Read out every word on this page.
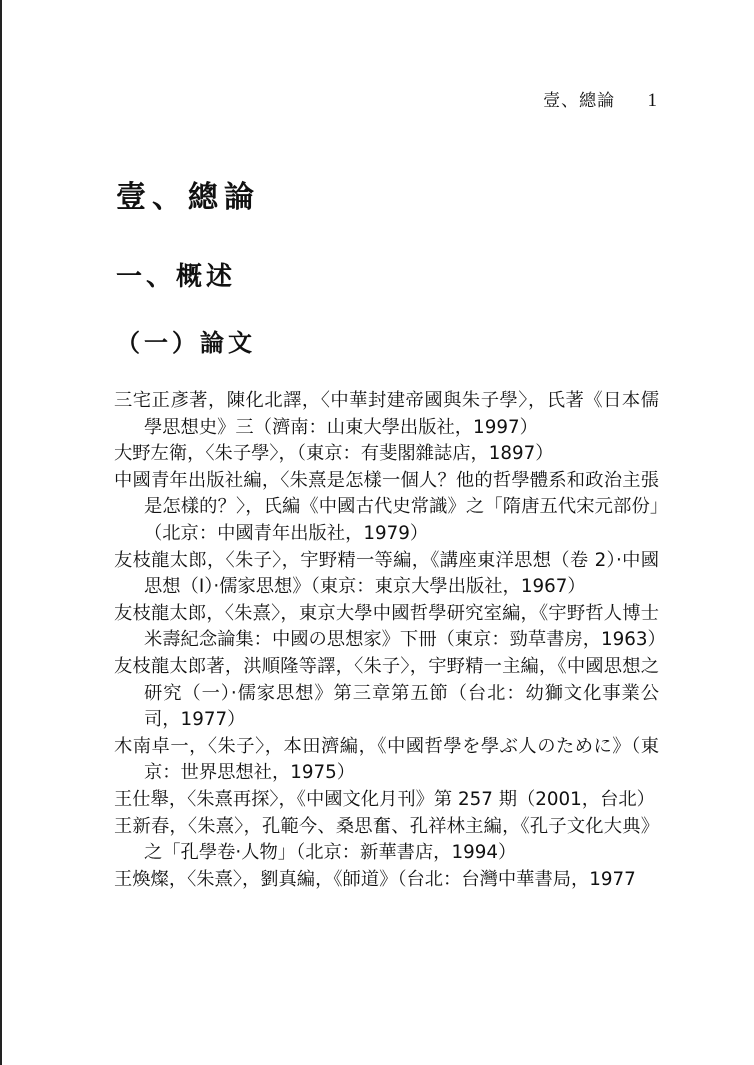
壹、總論 1
壹、總論
一、概述
（一）論文

三宅正彥著，陳化北譯，〈中華封建帝國與朱子學〉，氏著《日本儒學思想史》三（濟南：山東大學出版社，1997）

大野左衛，〈朱子學〉，（東京：有斐閣雜誌店，1897）

中國青年出版社編，〈朱熹是怎樣一個人？他的哲學體系和政治主張是怎樣的？〉，氏編《中國古代史常識》之「隋唐五代宋元部份」（北京：中國青年出版社，1979）

友枝龍太郎，〈朱子〉，宇野精一等編，《講座東洋思想（卷 2）‧中國思想（Ⅰ）‧儒家思想》（東京：東京大學出版社，1967）

友枝龍太郎，〈朱熹〉，東京大學中國哲學研究室編，《宇野哲人博士米壽紀念論集：中國の思想家》下冊（東京：勁草書房，1963）

友枝龍太郎著，洪順隆等譯，〈朱子〉，宇野精一主編，《中國思想之研究（一）‧儒家思想》第三章第五節（台北：幼獅文化事業公司，1977）

木南卓一，〈朱子〉，本田濟編，《中國哲學を學ぶ人のために》（東京：世界思想社，1975）

王仕舉，〈朱熹再探〉，《中國文化月刊》第 257 期（2001，台北）

王新春，〈朱熹〉，孔範今、桑思奮、孔祥林主編，《孔子文化大典》之「孔學卷‧人物」（北京：新華書店，1994）

王煥燦，〈朱熹〉，劉真編，《師道》（台北：台灣中華書局，1977
